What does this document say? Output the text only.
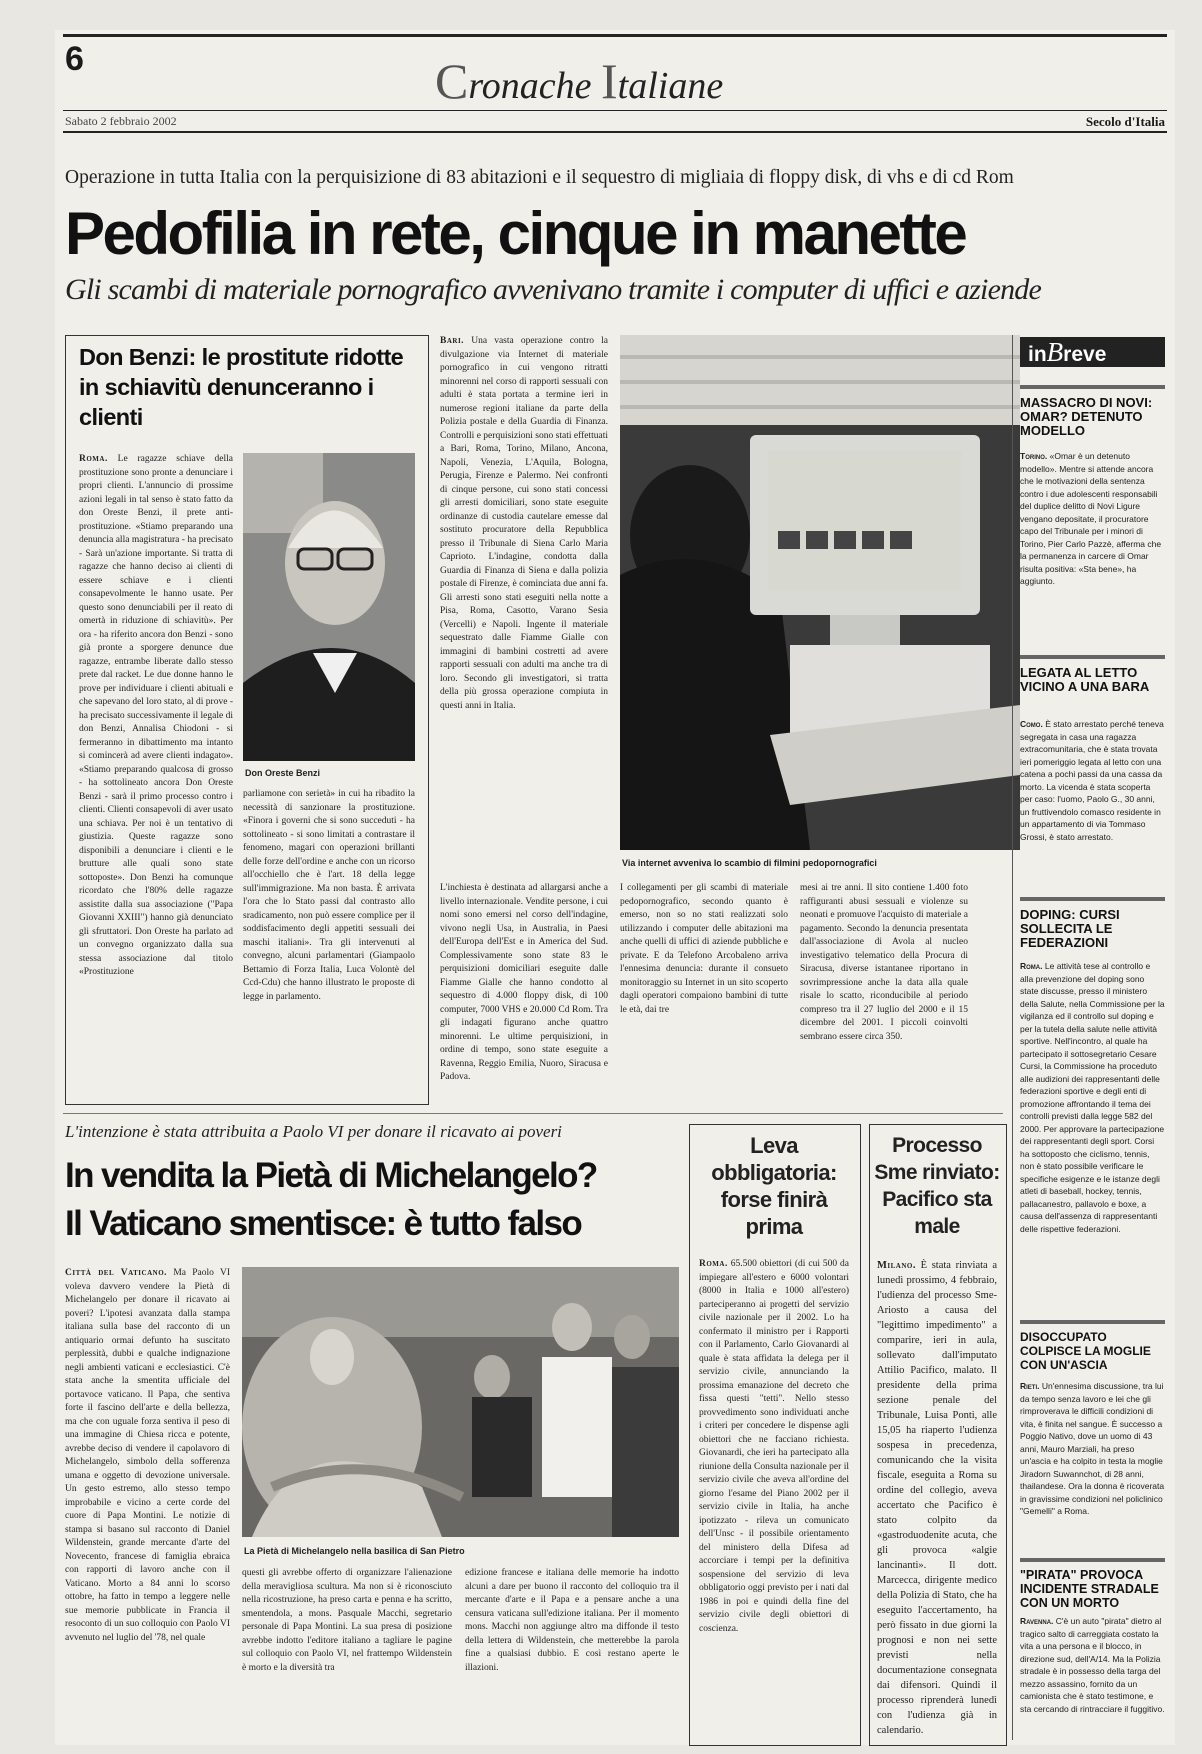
6	Cronache Italiane
Sabato 2 febbraio 2002	Secolo d'Italia
Operazione in tutta Italia con la perquisizione di 83 abitazioni e il sequestro di migliaia di floppy disk, di vhs e di cd Rom
Pedofilia in rete, cinque in manette
Gli scambi di materiale pornografico avvenivano tramite i computer di uffici e aziende
Don Benzi: le prostitute ridotte in schiavitù denunceranno i clienti
Roma. Le ragazze schiave della prostituzione sono pronte a denunciare i propri clienti. L'annuncio di prossime azioni legali in tal senso è stato fatto da don Oreste Benzi, il prete anti-prostituzione. «Stiamo preparando una denuncia alla magistratura - ha precisato - Sarà un'azione importante. Si tratta di ragazze che hanno deciso ai clienti di essere schiave e i clienti consapevolmente le hanno usate. Per questo sono denunciabili per il reato di omertà in riduzione di schiavitù». Per ora - ha riferito ancora don Benzi - sono già pronte a sporgere denunce due ragazze, entrambe liberate dallo stesso prete dal racket. Le due donne hanno le prove per individuare i clienti abituali e che sapevano del loro stato, al di prove - ha precisato successivamente il legale di don Benzi, Annalisa Chiodoni - si fermeranno in dibattimento ma intanto si comincerà ad avere clienti indagato». «Stiamo preparando qualcosa di grosso - ha sottolineato ancora Don Oreste Benzi - sarà il primo processo contro i clienti. Clienti consapevoli di aver usato una schiava. Per noi è un tentativo di giustizia. Queste ragazze sono disponibili a denunciare i clienti e le brutture alle quali sono state sottoposte». Don Benzi ha comunque ricordato che l'80% delle ragazze assistite dalla sua associazione ("Papa Giovanni XXIII") hanno già denunciato gli sfruttatori. Don Oreste ha parlato ad un convegno organizzato dalla sua stessa associazione dal titolo «Prostituzione
Don Oreste Benzi
parliamone con serietà» in cui ha ribadito la necessità di sanzionare la prostituzione. «Finora i governi che si sono succeduti - ha sottolineato - si sono limitati a contrastare il fenomeno, magari con operazioni brillanti delle forze dell'ordine e anche con un ricorso all'occhiello che è l'art. 18 della legge sull'immigrazione. Ma non basta. È arrivata l'ora che lo Stato passi dal contrasto allo sradicamento, non può essere complice per il soddisfacimento degli appetiti sessuali dei maschi italiani». Tra gli intervenuti al convegno, alcuni parlamentari (Giampaolo Bettamio di Forza Italia, Luca Volontè del Ccd-Cdu) che hanno illustrato le proposte di legge in parlamento.
Bari. Una vasta operazione contro la divulgazione via Internet di materiale pornografico in cui vengono ritratti minorenni nel corso di rapporti sessuali con adulti è stata portata a termine ieri in numerose regioni italiane da parte della Polizia postale e della Guardia di Finanza. Controlli e perquisizioni sono stati effettuati a Bari, Roma, Torino, Milano, Ancona, Napoli, Venezia, L'Aquila, Bologna, Perugia, Firenze e Palermo. Nei confronti di cinque persone, cui sono stati concessi gli arresti domiciliari, sono state eseguite ordinanze di custodia cautelare emesse dal sostituto procuratore della Repubblica presso il Tribunale di Siena Carlo Maria Caprioto. L'indagine, condotta dalla Guardia di Finanza di Siena e dalla polizia postale di Firenze, è cominciata due anni fa. Gli arresti sono stati eseguiti nella notte a Pisa, Roma, Casotto, Varano Sesia (Vercelli) e Napoli. Ingente il materiale sequestrato dalle Fiamme Gialle con immagini di bambini costretti ad avere rapporti sessuali con adulti ma anche tra di loro. Secondo gli investigatori, si tratta della più grossa operazione compiuta in questi anni in Italia.
Via internet avveniva lo scambio di filmini pedopornografici
L'inchiesta è destinata ad allargarsi anche a livello internazionale. Vendite persone, i cui nomi sono emersi nel corso dell'indagine, vivono negli Usa, in Australia, in Paesi dell'Europa dell'Est e in America del Sud. Complessivamente sono state 83 le perquisizioni domiciliari eseguite dalle Fiamme Gialle che hanno condotto al sequestro di 4.000 floppy disk, di 100 computer, 7000 VHS e 20.000 Cd Rom. Tra gli indagati figurano anche quattro minorenni. Le ultime perquisizioni, in ordine di tempo, sono state eseguite a Ravenna, Reggio Emilia, Nuoro, Siracusa e Padova.
I collegamenti per gli scambi di materiale pedopornografico, secondo quanto è emerso, non so no stati realizzati solo utilizzando i computer delle abitazioni ma anche quelli di uffici di aziende pubbliche e private. E da Telefono Arcobaleno arriva l'ennesima denuncia: durante il consueto monitoraggio su Internet in un sito scoperto dagli operatori compaiono bambini di tutte le età, dai tre
mesi ai tre anni. Il sito contiene 1.400 foto raffiguranti abusi sessuali e violenze su neonati e promuove l'acquisto di materiale a pagamento. Secondo la denuncia presentata dall'associazione di Avola al nucleo investigativo telematico della Procura di Siracusa, diverse istantanee riportano in sovrimpressione anche la data alla quale risale lo scatto, riconducibile al periodo compreso tra il 27 luglio del 2000 e il 15 dicembre del 2001. I piccoli coinvolti sembrano essere circa 350.
inBreve
MASSACRO DI NOVI: OMAR? DETENUTO MODELLO
Torino. «Omar è un detenuto modello». Mentre si attende ancora che le motivazioni della sentenza contro i due adolescenti responsabili del duplice delitto di Novi Ligure vengano depositate, il procuratore capo del Tribunale per i minori di Torino, Pier Carlo Pazzè, afferma che la permanenza in carcere di Omar risulta positiva: «Sta bene», ha aggiunto.
LEGATA AL LETTO VICINO A UNA BARA
Como. È stato arrestato perché teneva segregata in casa una ragazza extracomunitaria, che è stata trovata ieri pomeriggio legata al letto con una catena a pochi passi da una cassa da morto. La vicenda è stata scoperta per caso: l'uomo, Paolo G., 30 anni, un fruttivendolo comasco residente in un appartamento di via Tommaso Grossi, è stato arrestato.
DOPING: CURSI SOLLECITA LE FEDERAZIONI
Roma. Le attività tese al controllo e alla prevenzione del doping sono state discusse, presso il ministero della Salute, nella Commissione per la vigilanza ed il controllo sul doping e per la tutela della salute nelle attività sportive. Nell'incontro, al quale ha partecipato il sottosegretario Cesare Cursi, la Commissione ha proceduto alle audizioni dei rappresentanti delle federazioni sportive e degli enti di promozione affrontando il tema dei controlli previsti dalla legge 582 del 2000. Per approvare la partecipazione dei rappresentanti degli sport. Corsi ha sottoposto che ciclismo, tennis, non è stato possibile verificare le specifiche esigenze e le istanze degli atleti di baseball, hockey, tennis, pallacanestro, pallavolo e boxe, a causa dell'assenza di rappresentanti delle rispettive federazioni.
DISOCCUPATO COLPISCE LA MOGLIE CON UN'ASCIA
Rieti. Un'ennesima discussione, tra lui da tempo senza lavoro e lei che gli rimproverava le difficili condizioni di vita, è finita nel sangue. È successo a Poggio Nativo, dove un uomo di 43 anni, Mauro Marziali, ha preso un'ascia e ha colpito in testa la moglie Jiradorn Suwannchot, di 28 anni, thailandese. Ora la donna è ricoverata in gravissime condizioni nel policlinico "Gemelli" a Roma.
"PIRATA" PROVOCA INCIDENTE STRADALE CON UN MORTO
Ravenna. C'è un auto "pirata" dietro al tragico salto di carreggiata costato la vita a una persona e il blocco, in direzione sud, dell'A/14. Ma la Polizia stradale è in possesso della targa del mezzo assassino, fornito da un camionista che è stato testimone, e sta cercando di rintracciare il fuggitivo.
L'intenzione è stata attribuita a Paolo VI per donare il ricavato ai poveri
In vendita la Pietà di Michelangelo?
Il Vaticano smentisce: è tutto falso
Città del Vaticano. Ma Paolo VI voleva davvero vendere la Pietà di Michelangelo per donare il ricavato ai poveri? L'ipotesi avanzata dalla stampa italiana sulla base del racconto di un antiquario ormai defunto ha suscitato perplessità, dubbi e qualche indignazione negli ambienti vaticani e ecclesiastici. C'è stata anche la smentita ufficiale del portavoce vaticano. Il Papa, che sentiva forte il fascino dell'arte e della bellezza, ma che con uguale forza sentiva il peso di una immagine di Chiesa ricca e potente, avrebbe deciso di vendere il capolavoro di Michelangelo, simbolo della sofferenza umana e oggetto di devozione universale. Un gesto estremo, allo stesso tempo improbabile e vicino a certe corde del cuore di Papa Montini. Le notizie di stampa si basano sul racconto di Daniel Wildenstein, grande mercante d'arte del Novecento, francese di famiglia ebraica con rapporti di lavoro anche con il Vaticano. Morto a 84 anni lo scorso ottobre, ha fatto in tempo a leggere nelle sue memorie pubblicate in Francia il resoconto di un suo colloquio con Paolo VI avvenuto nel luglio del '78, nel quale
La Pietà di Michelangelo nella basilica di San Pietro
questi gli avrebbe offerto di organizzare l'alienazione della meravigliosa scultura. Ma non si è riconosciuto nella ricostruzione, ha preso carta e penna e ha scritto, smentendola, a mons. Pasquale Macchi, segretario personale di Papa Montini. La sua presa di posizione avrebbe indotto l'editore italiano a tagliare le pagine sul colloquio con Paolo VI, nel frattempo Wildenstein è morto e la diversità tra
edizione francese e italiana delle memorie ha indotto alcuni a dare per buono il racconto del colloquio tra il mercante d'arte e il Papa e a pensare anche a una censura vaticana sull'edizione italiana. Per il momento mons. Macchi non aggiunge altro ma diffonde il testo della lettera di Wildenstein, che metterebbe la parola fine a qualsiasi dubbio. E così restano aperte le illazioni.
Leva obbligatoria: forse finirà prima
Roma. 65.500 obiettori (di cui 500 da impiegare all'estero e 6000 volontari (8000 in Italia e 1000 all'estero) parteciperanno ai progetti del servizio civile nazionale per il 2002. Lo ha confermato il ministro per i Rapporti con il Parlamento, Carlo Giovanardi al quale è stata affidata la delega per il servizio civile, annunciando la prossima emanazione del decreto che fissa questi "tetti". Nello stesso provvedimento sono individuati anche i criteri per concedere le dispense agli obiettori che ne facciano richiesta. Giovanardi, che ieri ha partecipato alla riunione della Consulta nazionale per il servizio civile che aveva all'ordine del giorno l'esame del Piano 2002 per il servizio civile in Italia, ha anche ipotizzato - rileva un comunicato dell'Unsc - il possibile orientamento del ministero della Difesa ad accorciare i tempi per la definitiva sospensione del servizio di leva obbligatorio oggi previsto per i nati dal 1986 in poi e quindi della fine del servizio civile degli obiettori di coscienza.
Processo Sme rinviato: Pacifico sta male
Milano. È stata rinviata a lunedì prossimo, 4 febbraio, l'udienza del processo Sme-Ariosto a causa del "legittimo impedimento" a comparire, ieri in aula, sollevato dall'imputato Attilio Pacifico, malato. Il presidente della prima sezione penale del Tribunale, Luisa Ponti, alle 15,05 ha riaperto l'udienza sospesa in precedenza, comunicando che la visita fiscale, eseguita a Roma su ordine del collegio, aveva accertato che Pacifico è stato colpito da «gastroduodenite acuta, che gli provoca «algie lancinanti». Il dott. Marcecca, dirigente medico della Polizia di Stato, che ha eseguito l'accertamento, ha però fissato in due giorni la prognosi e non nei sette previsti nella documentazione consegnata dai difensori. Quindi il processo riprenderà lunedì con l'udienza già in calendario.
